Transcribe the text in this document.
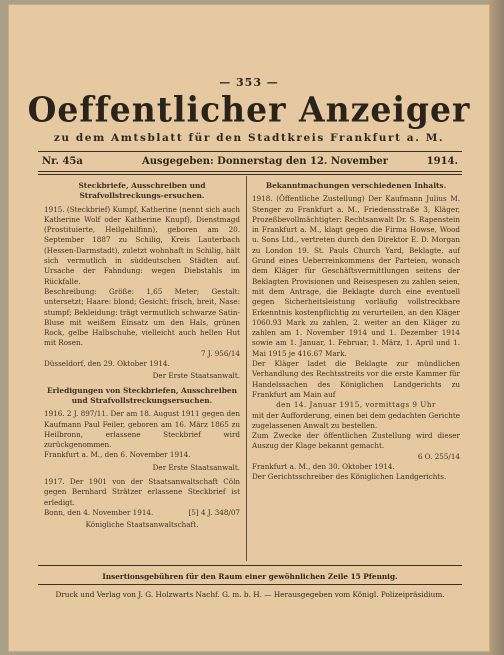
— 353 —
Oeffentlicher Anzeiger
zu dem Amtsblatt für den Stadtkreis Frankfurt a. M.
Nr. 45a	Ausgegeben: Donnerstag den 12. November	1914.
Steckbriefe, Ausschreiben und Strafvollstreckungs-ersuchen.

1915. (Steckbrief) Kumpf, Katherine (nennt sich auch Katherine Wolf oder Katherine Knupf), Dienstmagd (Prostituierte, Heilgehilfinn), geboren am 20. September 1887 zu Schilig, Kreis Lauterbach (Hessen-Darmstadt), zuletzt wohnhaft in Schilig, hält sich vermutlich in süddeutschen Städten auf. Ursache der Fahndung: wegen Diebstahls im Rückfalle.

Beschreibung: Größe: 1,65 Meter; Gestalt: untersetzt; Haare: blond; Gesicht: frisch, breit, Nase: stumpf; Bekleidung: trägt vermutlich schwarze Satin-Bluse mit weißem Einsatz um den Hals, grünen Rock, gelbe Halbschuhe, vielleicht auch hellen Hut mit Rosen.

7 J. 956/14

Düsseldorf, den 29. Oktober 1914.

Der Erste Staatsanwalt.

Erledigungen von Steckbriefen, Ausschreiben und Strafvollstreckungsersuchen.

1916. 2 J. 897/11. Der am 18. August 1911 gegen den Kaufmann Paul Feiler, geboren am 16. März 1865 zu Heilbronn, erlassene Steckbrief wird zurückgenommen.

Frankfurt a. M., den 6. November 1914.

Der Erste Staatsanwalt.

1917. Der 1901 von der Staatsanwaltschaft Cöln gegen Bernhard Strätzer erlassene Steckbrief ist erledigt.

Bonn, den 4. November 1914.	[5] 4 J. 348/07

Königliche Staatsanwaltschaft.

Bekanntmachungen verschiedenen Inhalts.

1918. (Öffentliche Zustellung) Der Kaufmann Julius M. Stenger zu Frankfurt a. M., Friedensstraße 3, Kläger, Prozeßbevollmächtigter: Rechtsanwalt Dr. S. Rapenstein in Frankfurt a. M., klagt gegen die Firma Howse, Wood u. Sons Ltd., vertreten durch den Direktor E. D. Morgan zu London 19. St. Pauls Church Yard, Beklagte, auf Grund eines Ueberreinkommens der Parteien, wonach dem Kläger für Geschäftsvermittlungen seitens der Beklagten Provisionen und Reisespesen zu zahlen seien, mit dem Antrage, die Beklagte durch eine eventuell gegen Sicherheitsleistung vorläufig vollstreckbare Erkenntnis kostenpflichtig zu verurteilen, an den Kläger 1060.93 Mark zu zahlen, 2. weiter an den Kläger zu zahlen am 1. November 1914 und 1. Dezember 1914 sowie am 1. Januar, 1. Februar, 1. März, 1. April und 1. Mai 1915 je 416.67 Mark.

Der Kläger ladet die Beklagte zur mündlichen Verhandlung des Rechtsstreits vor die erste Kammer für Handelssachen des Königlichen Landgerichts zu Frankfurt am Main auf

den 14. Januar 1915, vormittags 9 Uhr

mit der Aufforderung, einen bei dem gedachten Gerichte zugelassenen Anwalt zu bestellen.

Zum Zwecke der öffentlichen Zustellung wird dieser Auszug der Klage bekannt gemacht.

6 O. 255/14

Frankfurt a. M., den 30. Oktober 1914.

Der Gerichtsschreiber des Königlichen Landgerichts.

Insertionsgebühren für den Raum einer gewöhnlichen Zeile 15 Pfennig.
Druck und Verlag von J. G. Holzwarts Nachf. G. m. b. H. — Herausgegeben vom Königl. Polizeipräsidium.
